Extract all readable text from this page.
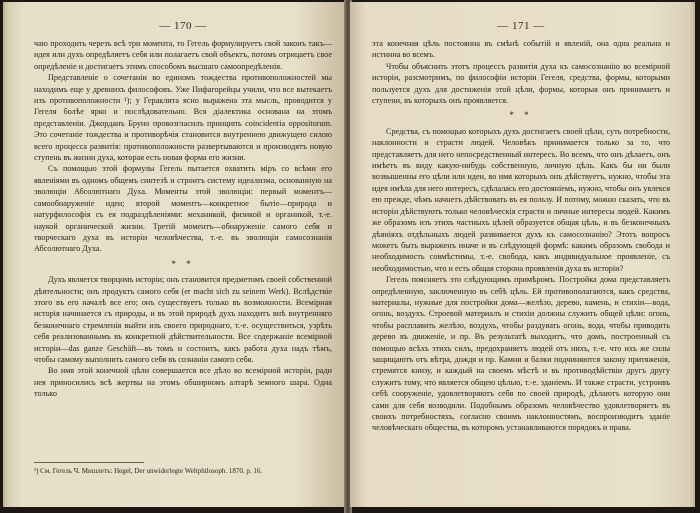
— 170 —

чаю проходить черезъ всѣ три момента, то Гегель формулируетъ свой законъ такъ—идея или духъ опредѣляетъ себя или полагаетъ свой объектъ, потомъ отрицаетъ свое опредѣленіе и достигаетъ этимъ способомъ высшаго самоопредѣленія.

Представленіе о сочетаніи во единомъ тождества противоположностей мы находимъ еще у древнихъ философовъ. Уже Пифагорейцы учили, что все вытекаетъ изъ противоположности ¹); у Гераклита ясно выражена эта мысль, проводится у Гегеля болѣе ярко и послѣдовательно. Вся діалектика основана на этомъ представленіи. Джорданъ Бруно провозгласилъ принципъ coincidentia oppositorum. Это сочетаніе тождества и противорѣчія становится внутреннею движущею силою всего процесса развитія: противоположности развертываются и производятъ новую ступень въ жизни духа, которая есть новая форма его жизни.

Съ помощью этой формулы Гегель пытается охватить міръ со всѣми его явленіями въ одномъ общемъ синтезѣ и строитъ систему идеализма, основанную на эволюціи Абсолютнаго Духа. Моменты этой эволюціи: первый моментъ—самообнаруженіе идеи; второй моментъ—конкретное бытіе—природа и натурфилософія съ ея подраздѣленіями: механикой, физикой и органикой, т.-е. наукой органической жизни. Третій моментъ—обнаруженіе самого себя и творческаго духа въ исторіи человѣчества, т.-е. въ эволюціи самосознанія Абсолютнаго Духа.

* *

Духъ является творцомъ исторіи; онъ становится предметомъ своей собственной дѣятельности; онъ продуктъ самого себя (er macht sich zu seinem Werk). Вслѣдствіе этого въ его началѣ все его; онъ существуетъ только въ возможности. Всемірная исторія начинается съ природы, и въ этой природѣ духъ находитъ внѣ внутренняго безконечнаго стремленія выйти изъ своего природнаго, т.-е. осуществиться, узрѣть себя реализованнымъ въ конкретной дѣйствительности. Все содержаніе всемірной исторіи—das ganze Geschäft—въ томъ и состоитъ, какъ работа духа надъ тѣмъ, чтобы самому выполнить самого себя въ сознаніи самого себя.

Во имя этой конечной цѣли совершается все дѣло во всемірной исторіи, ради нея приносились всѣ жертвы на этомъ обширномъ алтарѣ земного шара. Одна только

¹) См. Гегель Ч. Мишлетъ: Hegel, Der unwiderlegte Weltphilosoph. 1870. p. 16.
— 171 —

эта конечная цѣль постоянна въ смѣнѣ событій и явленій, она одна реальна и истинна во всемъ.

Чтобы объяснить этотъ процессъ развитія духа къ самосознанію во всемірной исторіи, разсмотримъ, по философіи исторіи Гегеля, средства, формы, которыми пользуется духъ для достиженія этой цѣли, формы, которыя онъ принимаетъ и ступени, въ которыхъ онъ проявляется.

* *

Средства, съ помощью которыхъ духъ достигаетъ своей цѣли, суть потребности, наклонности и страсти людей. Человѣкъ принимается только за то, что представляетъ для него непосредственный интересъ. Во всемъ, что онъ дѣлаетъ, онъ имѣетъ въ виду какую-нибудь собственную, личную цѣль. Какъ бы ни были возвышенны его цѣли или идеи, во имя которыхъ онъ дѣйствуетъ, нужно, чтобы эта идея имѣла для него интересъ, сдѣлалась его достояніемъ, нужно, чтобы онъ увлекся ею прежде, чѣмъ начнетъ дѣйствовать въ ея пользу. И потому, можно сказать, что въ исторіи дѣйствуютъ только человѣческія страсти и личные интересы людей. Какимъ же образомъ изъ этихъ частныхъ цѣлей образуется общая цѣль, и въ безконечныхъ дѣяніяхъ отдѣльныхъ людей развивается духъ къ самосознанію? Этотъ вопросъ можетъ быть выраженъ иначе и въ слѣдующей формѣ: какимъ образомъ свобода и необходимость совмѣстимы, т.-е. свобода, какъ индивидуальное проявленіе, съ необходимостью, что и есть общая сторона проявленія духа въ исторіи?

Гегель поясняетъ это слѣдующимъ примѣромъ. Постройка дома представляетъ опредѣленную, заключенную въ себѣ цѣль. Ей противополагаются, какъ средства, материалы, нужные для постройки дома—желѣзо, дерево, камень, и стихіи—вода, огонь, воздухъ. Строевой материалъ и стихіи должны служить общей цѣли: огонь, чтобы расплавить желѣзо, воздухъ, чтобы раздувать огонь, вода, чтобы приводить дерево въ движеніе, и пр. Въ результатѣ выходитъ, что домъ, построенный съ помощью всѣхъ этихъ силъ, предохраняетъ людей отъ нихъ, т.-е. что ихъ же силы защищаютъ отъ вѣтра, дождя и пр. Камни и балки подчиняются закону притяженія, стремятся книзу, и каждый на своемъ мѣстѣ и въ противодѣйствіи другъ другу служитъ тому, что является общею цѣлью, т.-е. зданіемъ. И также страсти, устроивъ себѣ сооруженіе, удовлетворяютъ себя по своей природѣ, дѣлаютъ которую они сами для себя возводили. Подобнымъ образомъ человѣчество удовлетворяетъ въ своихъ потребностяхъ, согласно своимъ наклонностямъ, воспроизводитъ зданіе человѣческаго общества, въ которомъ устанавливаются порядокъ и права.
